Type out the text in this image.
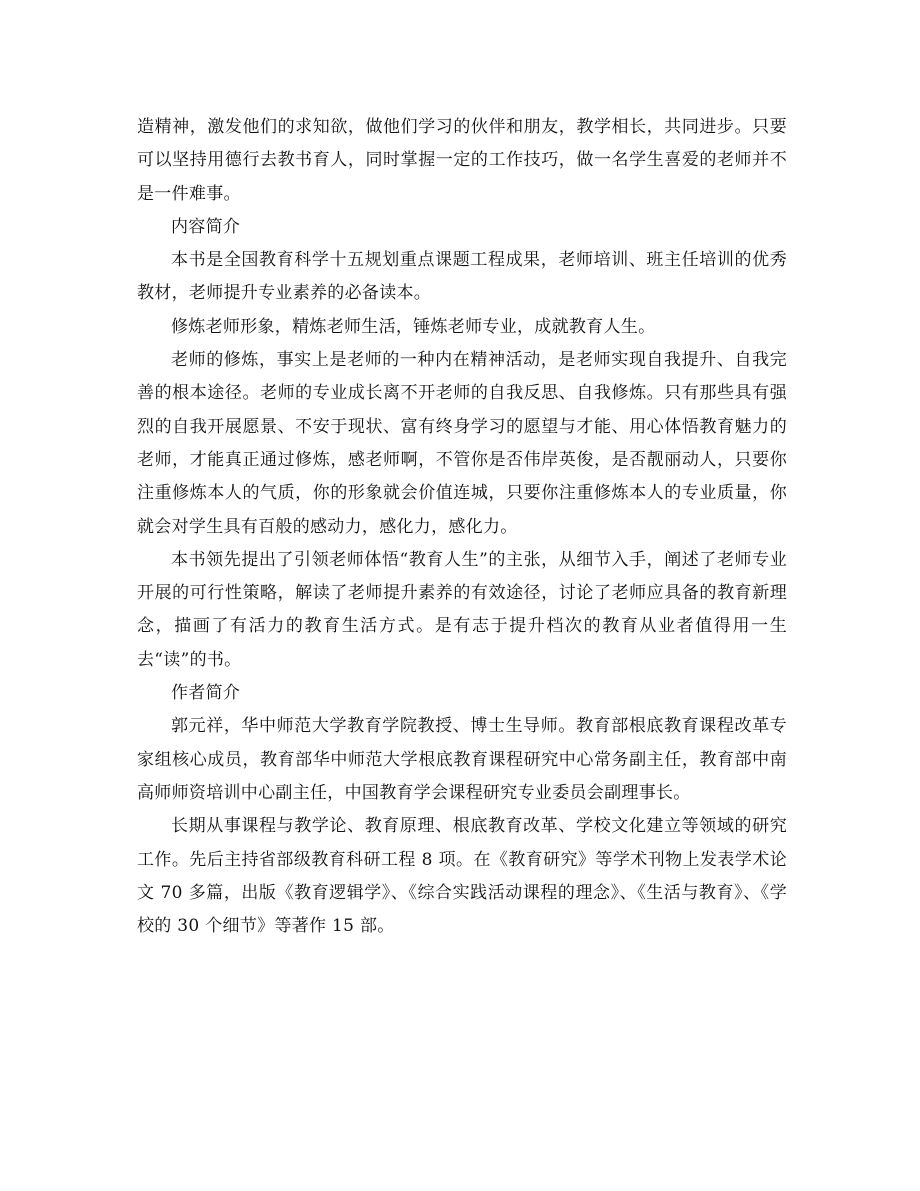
造精神，激发他们的求知欲，做他们学习的伙伴和朋友，教学相长，共同进步。只要可以坚持用德行去教书育人，同时掌握一定的工作技巧，做一名学生喜爱的老师并不是一件难事。

内容简介

本书是全国教育科学十五规划重点课题工程成果，老师培训、班主任培训的优秀教材，老师提升专业素养的必备读本。

修炼老师形象，精炼老师生活，锤炼老师专业，成就教育人生。

老师的修炼，事实上是老师的一种内在精神活动，是老师实现自我提升、自我完善的根本途径。老师的专业成长离不开老师的自我反思、自我修炼。只有那些具有强烈的自我开展愿景、不安于现状、富有终身学习的愿望与才能、用心体悟教育魅力的老师，才能真正通过修炼，感老师啊，不管你是否伟岸英俊，是否靓丽动人，只要你注重修炼本人的气质，你的形象就会价值连城，只要你注重修炼本人的专业质量，你就会对学生具有百般的感动力，感化力，感化力。

本书领先提出了引领老师体悟“教育人生”的主张，从细节入手，阐述了老师专业开展的可行性策略，解读了老师提升素养的有效途径，讨论了老师应具备的教育新理念，描画了有活力的教育生活方式。是有志于提升档次的教育从业者值得用一生去“读”的书。

作者简介

郭元祥，华中师范大学教育学院教授、博士生导师。教育部根底教育课程改革专家组核心成员，教育部华中师范大学根底教育课程研究中心常务副主任，教育部中南高师师资培训中心副主任，中国教育学会课程研究专业委员会副理事长。

长期从事课程与教学论、教育原理、根底教育改革、学校文化建立等领域的研究工作。先后主持省部级教育科研工程 8 项。在《教育研究》等学术刊物上发表学术论文 70 多篇，出版《教育逻辑学》、《综合实践活动课程的理念》、《生活与教育》、《学校的 30 个细节》等著作 15 部。
